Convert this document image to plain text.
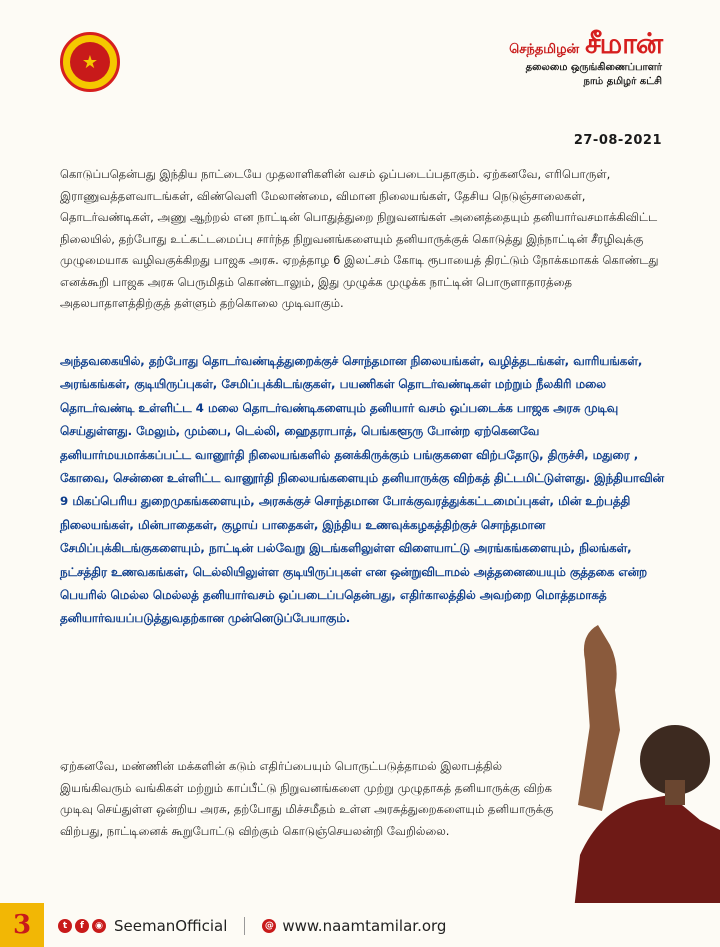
★
செந்தமிழன் சீமான்
தலைமை ஒருங்கிணைப்பாளர்
நாம் தமிழர் கட்சி
27-08-2021

கொடுப்பதென்பது இந்திய நாட்டையே முதலாளிகளின் வசம் ஒப்படைப்பதாகும். ஏற்கனவே, எரிபொருள், இராணுவத்தளவாடங்கள், விண்வெளி மேலாண்மை, விமான நிலையங்கள், தேசிய நெடுஞ்சாலைகள், தொடர்வண்டிகள், அணு ஆற்றல் என நாட்டின் பொதுத்துறை நிறுவனங்கள் அனைத்தையும் தனியார்வசமாக்கிவிட்ட நிலையில், தற்போது உட்கட்டமைப்பு சார்ந்த நிறுவனங்களையும் தனியாருக்குக் கொடுத்து இந்நாட்டின் சீரழிவுக்கு முழுமையாக வழிவகுக்கிறது பாஜக அரசு. ஏறத்தாழ 6 இலட்சம் கோடி ரூபாயைத் திரட்டும் நோக்கமாகக் கொண்டது எனக்கூறி பாஜக அரசு பெருமிதம் கொண்டாலும், இது முழுக்க முழுக்க நாட்டின் பொருளாதாரத்தை அதலபாதாளத்திற்குத் தள்ளும் தற்கொலை முடிவாகும்.

அந்தவகையில், தற்போது தொடர்வண்டித்துறைக்குச் சொந்தமான நிலையங்கள், வழித்தடங்கள், வாரியங்கள், அரங்கங்கள், குடியிருப்புகள், சேமிப்புக்கிடங்குகள், பயணிகள் தொடர்வண்டிகள் மற்றும் நீலகிரி மலை தொடர்வண்டி உள்ளிட்ட 4 மலை தொடர்வண்டிகளையும் தனியார் வசம் ஒப்படைக்க பாஜக அரசு முடிவு செய்துள்ளது. மேலும், மும்பை, டெல்லி, ஹைதராபாத், பெங்களூரு போன்ற ஏற்கெனவே தனியார்மயமாக்கப்பட்ட வானூர்தி நிலையங்களில் தனக்கிருக்கும் பங்குகளை விற்பதோடு, திருச்சி, மதுரை , கோவை, சென்னை உள்ளிட்ட வானூர்தி நிலையங்களையும் தனியாருக்கு விற்கத் திட்டமிட்டுள்ளது. இந்தியாவின் 9 மிகப்பெரிய துறைமுகங்களையும், அரசுக்குச் சொந்தமான போக்குவரத்துக்கட்டமைப்புகள், மின் உற்பத்தி நிலையங்கள், மின்பாதைகள், குழாய் பாதைகள், இந்திய உணவுக்கழகத்திற்குச் சொந்தமான சேமிப்புக்கிடங்குகளையும், நாட்டின் பல்வேறு இடங்களிலுள்ள விளையாட்டு அரங்கங்களையும், நிலங்கள், நட்சத்திர உணவகங்கள், டெல்லியிலுள்ள குடியிருப்புகள் என ஒன்றுவிடாமல் அத்தனையையும் குத்தகை என்ற பெயரில் மெல்ல மெல்லத் தனியார்வசம் ஒப்படைப்பதென்பது, எதிர்காலத்தில் அவற்றை மொத்தமாகத் தனியார்வயப்படுத்துவதற்கான முன்னெடுப்பேயாகும்.

ஏற்கனவே, மண்ணின் மக்களின் கடும் எதிர்ப்பையும் பொருட்படுத்தாமல் இலாபத்தில் இயங்கிவரும் வங்கிகள் மற்றும் காப்பீட்டு நிறுவனங்களை முற்று முழுதாகத் தனியாருக்கு விற்க முடிவு செய்துள்ள ஒன்றிய அரசு, தற்போது மிச்சமீதம் உள்ள அரசுத்துறைகளையும் தனியாருக்கு விற்பது, நாட்டினைக் கூறுபோட்டு விற்கும் கொடுஞ்செயலன்றி வேறில்லை.

3	t	f	◉ SeemanOfficial	@ www.naamtamilar.org
